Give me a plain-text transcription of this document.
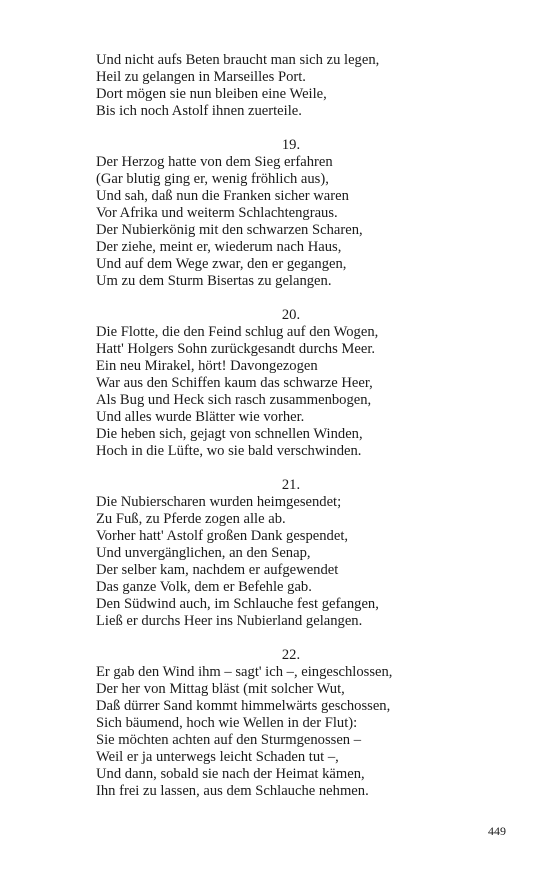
Und nicht aufs Beten braucht man sich zu legen,
Heil zu gelangen in Marseilles Port.
Dort mögen sie nun bleiben eine Weile,
Bis ich noch Astolf ihnen zuerteile.
19.
Der Herzog hatte von dem Sieg erfahren
(Gar blutig ging er, wenig fröhlich aus),
Und sah, daß nun die Franken sicher waren
Vor Afrika und weiterm Schlachtengraus.
Der Nubierkönig mit den schwarzen Scharen,
Der ziehe, meint er, wiederum nach Haus,
Und auf dem Wege zwar, den er gegangen,
Um zu dem Sturm Bisertas zu gelangen.
20.
Die Flotte, die den Feind schlug auf den Wogen,
Hatt' Holgers Sohn zurückgesandt durchs Meer.
Ein neu Mirakel, hört! Davongezogen
War aus den Schiffen kaum das schwarze Heer,
Als Bug und Heck sich rasch zusammenbogen,
Und alles wurde Blätter wie vorher.
Die heben sich, gejagt von schnellen Winden,
Hoch in die Lüfte, wo sie bald verschwinden.
21.
Die Nubierscharen wurden heimgesendet;
Zu Fuß, zu Pferde zogen alle ab.
Vorher hatt' Astolf großen Dank gespendet,
Und unvergänglichen, an den Senap,
Der selber kam, nachdem er aufgewendet
Das ganze Volk, dem er Befehle gab.
Den Südwind auch, im Schlauche fest gefangen,
Ließ er durchs Heer ins Nubierland gelangen.
22.
Er gab den Wind ihm – sagt' ich –, eingeschlossen,
Der her von Mittag bläst (mit solcher Wut,
Daß dürrer Sand kommt himmelwärts geschossen,
Sich bäumend, hoch wie Wellen in der Flut):
Sie möchten achten auf den Sturmgenossen –
Weil er ja unterwegs leicht Schaden tut –,
Und dann, sobald sie nach der Heimat kämen,
Ihn frei zu lassen, aus dem Schlauche nehmen.
449
